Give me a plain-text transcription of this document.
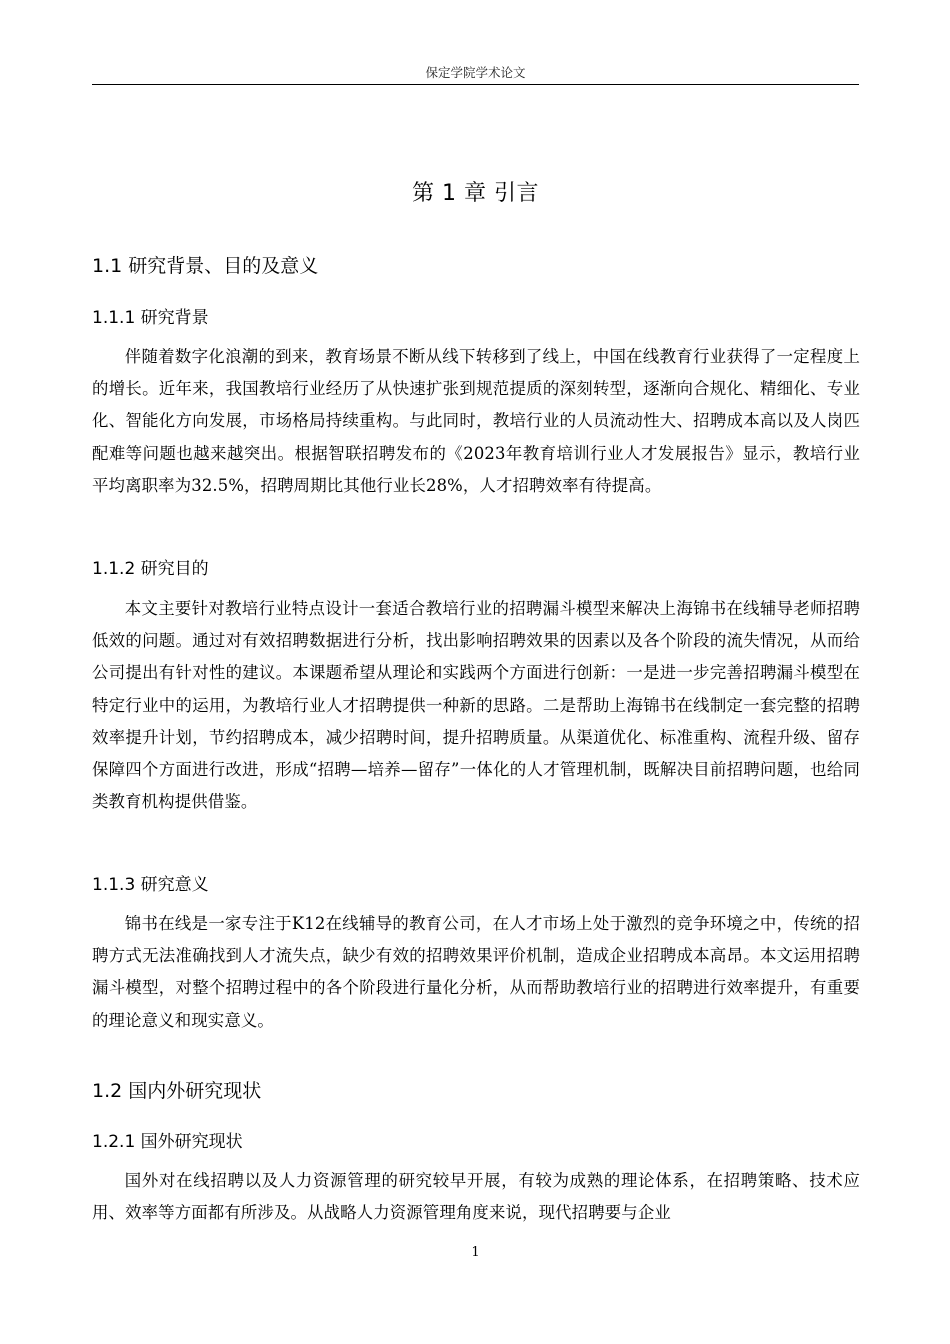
保定学院学术论文
第 1 章 引言
1.1 研究背景、目的及意义
1.1.1 研究背景

伴随着数字化浪潮的到来，教育场景不断从线下转移到了线上，中国在线教育行业获得了一定程度上的增长。近年来，我国教培行业经历了从快速扩张到规范提质的深刻转型，逐渐向合规化、精细化、专业化、智能化方向发展，市场格局持续重构。与此同时，教培行业的人员流动性大、招聘成本高以及人岗匹配难等问题也越来越突出。根据智联招聘发布的《2023年教育培训行业人才发展报告》显示，教培行业平均离职率为32.5%，招聘周期比其他行业长28%，人才招聘效率有待提高。

1.1.2 研究目的

本文主要针对教培行业特点设计一套适合教培行业的招聘漏斗模型来解决上海锦书在线辅导老师招聘低效的问题。通过对有效招聘数据进行分析，找出影响招聘效果的因素以及各个阶段的流失情况，从而给公司提出有针对性的建议。本课题希望从理论和实践两个方面进行创新：一是进一步完善招聘漏斗模型在特定行业中的运用，为教培行业人才招聘提供一种新的思路。二是帮助上海锦书在线制定一套完整的招聘效率提升计划，节约招聘成本，减少招聘时间，提升招聘质量。从渠道优化、标准重构、流程升级、留存保障四个方面进行改进，形成“招聘—培养—留存”一体化的人才管理机制，既解决目前招聘问题，也给同类教育机构提供借鉴。

1.1.3 研究意义

锦书在线是一家专注于K12在线辅导的教育公司，在人才市场上处于激烈的竞争环境之中，传统的招聘方式无法准确找到人才流失点，缺少有效的招聘效果评价机制，造成企业招聘成本高昂。本文运用招聘漏斗模型，对整个招聘过程中的各个阶段进行量化分析，从而帮助教培行业的招聘进行效率提升，有重要的理论意义和现实意义。

1.2 国内外研究现状
1.2.1 国外研究现状

国外对在线招聘以及人力资源管理的研究较早开展，有较为成熟的理论体系，在招聘策略、技术应用、效率等方面都有所涉及。从战略人力资源管理角度来说，现代招聘要与企业

1
